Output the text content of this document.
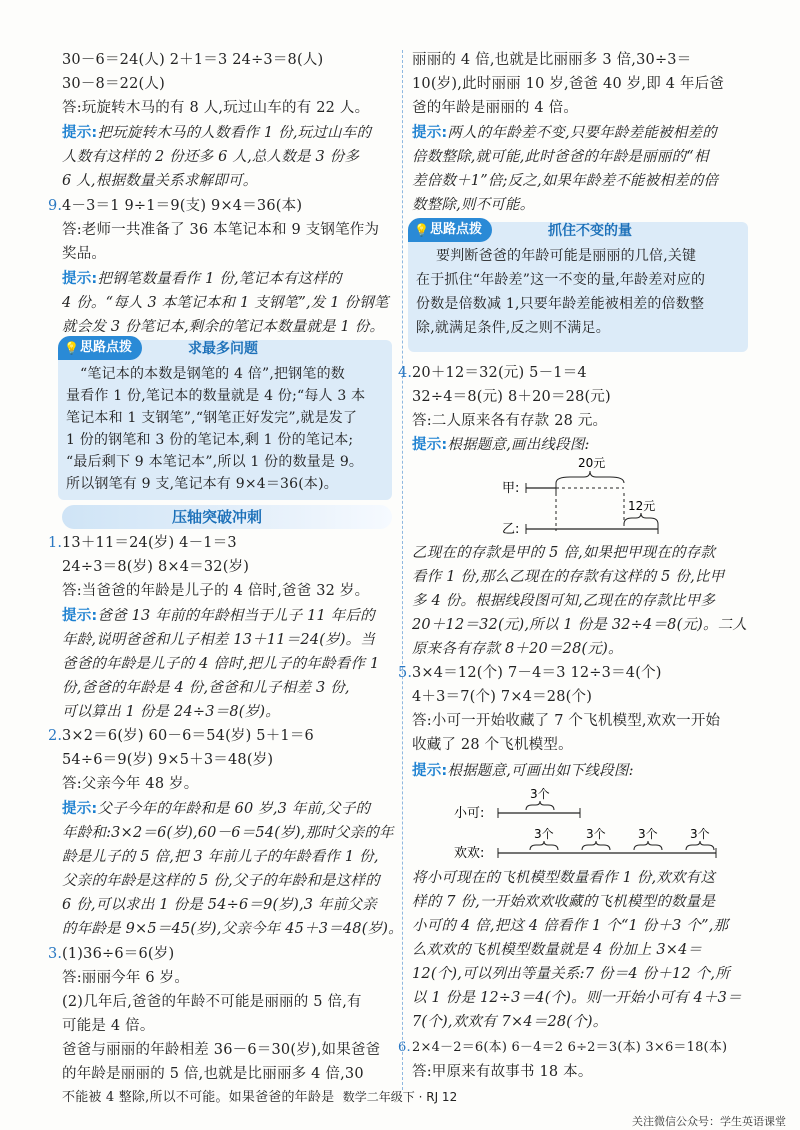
30－6＝24(人) 2＋1＝3 24÷3＝8(人)
30－8＝22(人)
答:玩旋转木马的有 8 人,玩过山车的有 22 人。
提示:把玩旋转木马的人数看作 1 份,玩过山车的
人数有这样的 2 份还多 6 人,总人数是 3 份多
6 人,根据数量关系求解即可。
9. 4－3＝1 9÷1＝9(支) 9×4＝36(本)
答:老师一共准备了 36 本笔记本和 9 支钢笔作为
奖品。
提示:把钢笔数量看作 1 份,笔记本有这样的
4 份。“每人 3 本笔记本和 1 支钢笔”,发 1 份钢笔
就会发 3 份笔记本,剩余的笔记本数量就是 1 份。
💡 思路点拨	求最多问题
“笔记本的本数是钢笔的 4 倍”,把钢笔的数
量看作 1 份,笔记本的数量就是 4 份;“每人 3 本
笔记本和 1 支钢笔”,“钢笔正好发完”,就是发了
1 份的钢笔和 3 份的笔记本,剩 1 份的笔记本;
“最后剩下 9 本笔记本”,所以 1 份的数量是 9。
所以钢笔有 9 支,笔记本有 9×4＝36(本)。
压轴突破冲刺
1. 13＋11＝24(岁) 4－1＝3
24÷3＝8(岁) 8×4＝32(岁)
答:当爸爸的年龄是儿子的 4 倍时,爸爸 32 岁。
提示:爸爸 13 年前的年龄相当于儿子 11 年后的
年龄,说明爸爸和儿子相差 13＋11＝24(岁)。当
爸爸的年龄是儿子的 4 倍时,把儿子的年龄看作 1
份,爸爸的年龄是 4 份,爸爸和儿子相差 3 份,
可以算出 1 份是 24÷3＝8(岁)。
2. 3×2＝6(岁) 60－6＝54(岁) 5＋1＝6
54÷6＝9(岁) 9×5＋3＝48(岁)
答:父亲今年 48 岁。
提示:父子今年的年龄和是 60 岁,3 年前,父子的
年龄和:3×2＝6(岁),60－6＝54(岁),那时父亲的年
龄是儿子的 5 倍,把 3 年前儿子的年龄看作 1 份,
父亲的年龄是这样的 5 份,父子的年龄和是这样的
6 份,可以求出 1 份是 54÷6＝9(岁),3 年前父亲
的年龄是 9×5＝45(岁),父亲今年 45＋3＝48(岁)。
3. (1)36÷6＝6(岁)
答:丽丽今年 6 岁。
(2)几年后,爸爸的年龄不可能是丽丽的 5 倍,有
可能是 4 倍。
爸爸与丽丽的年龄相差 36－6＝30(岁),如果爸爸
的年龄是丽丽的 5 倍,也就是比丽丽多 4 倍,30
不能被 4 整除,所以不可能。如果爸爸的年龄是
丽丽的 4 倍,也就是比丽丽多 3 倍,30÷3＝
10(岁),此时丽丽 10 岁,爸爸 40 岁,即 4 年后爸
爸的年龄是丽丽的 4 倍。
提示:两人的年龄差不变,只要年龄差能被相差的
倍数整除,就可能,此时爸爸的年龄是丽丽的“相
差倍数＋1”倍;反之,如果年龄差不能被相差的倍
数整除,则不可能。
💡 思路点拨	抓住不变的量
要判断爸爸的年龄可能是丽丽的几倍,关键
在于抓住“年龄差”这一不变的量,年龄差对应的
份数是倍数减 1,只要年龄差能被相差的倍数整
除,就满足条件,反之则不满足。
4. 20＋12＝32(元) 5－1＝4
32÷4＝8(元) 8＋20＝28(元)
答:二人原来各有存款 28 元。
提示:根据题意,画出线段图:
甲:
20元
乙:
12元
乙现在的存款是甲的 5 倍,如果把甲现在的存款
看作 1 份,那么乙现在的存款有这样的 5 份,比甲
多 4 份。根据线段图可知,乙现在的存款比甲多
20＋12＝32(元),所以 1 份是 32÷4＝8(元)。二人
原来各有存款 8＋20＝28(元)。
5. 3×4＝12(个) 7－4＝3 12÷3＝4(个)
4＋3＝7(个) 7×4＝28(个)
答:小可一开始收藏了 7 个飞机模型,欢欢一开始
收藏了 28 个飞机模型。
提示:根据题意,可画出如下线段图:
小可:
3个
欢欢:
3个	3个	3个	3个
将小可现在的飞机模型数量看作 1 份,欢欢有这
样的 7 份,一开始欢欢收藏的飞机模型的数量是
小可的 4 倍,把这 4 倍看作 1 个“1 份＋3 个”,那
么欢欢的飞机模型数量就是 4 份加上 3×4＝
12(个),可以列出等量关系:7 份＝4 份＋12 个,所
以 1 份是 12÷3＝4(个)。则一开始小可有 4＋3＝
7(个),欢欢有 7×4＝28(个)。
6. 2×4－2＝6(本) 6－4＝2 6÷2＝3(本) 3×6＝18(本)
答:甲原来有故事书 18 本。
数学二年级下 · RJ 12
关注微信公众号：学生英语课堂
